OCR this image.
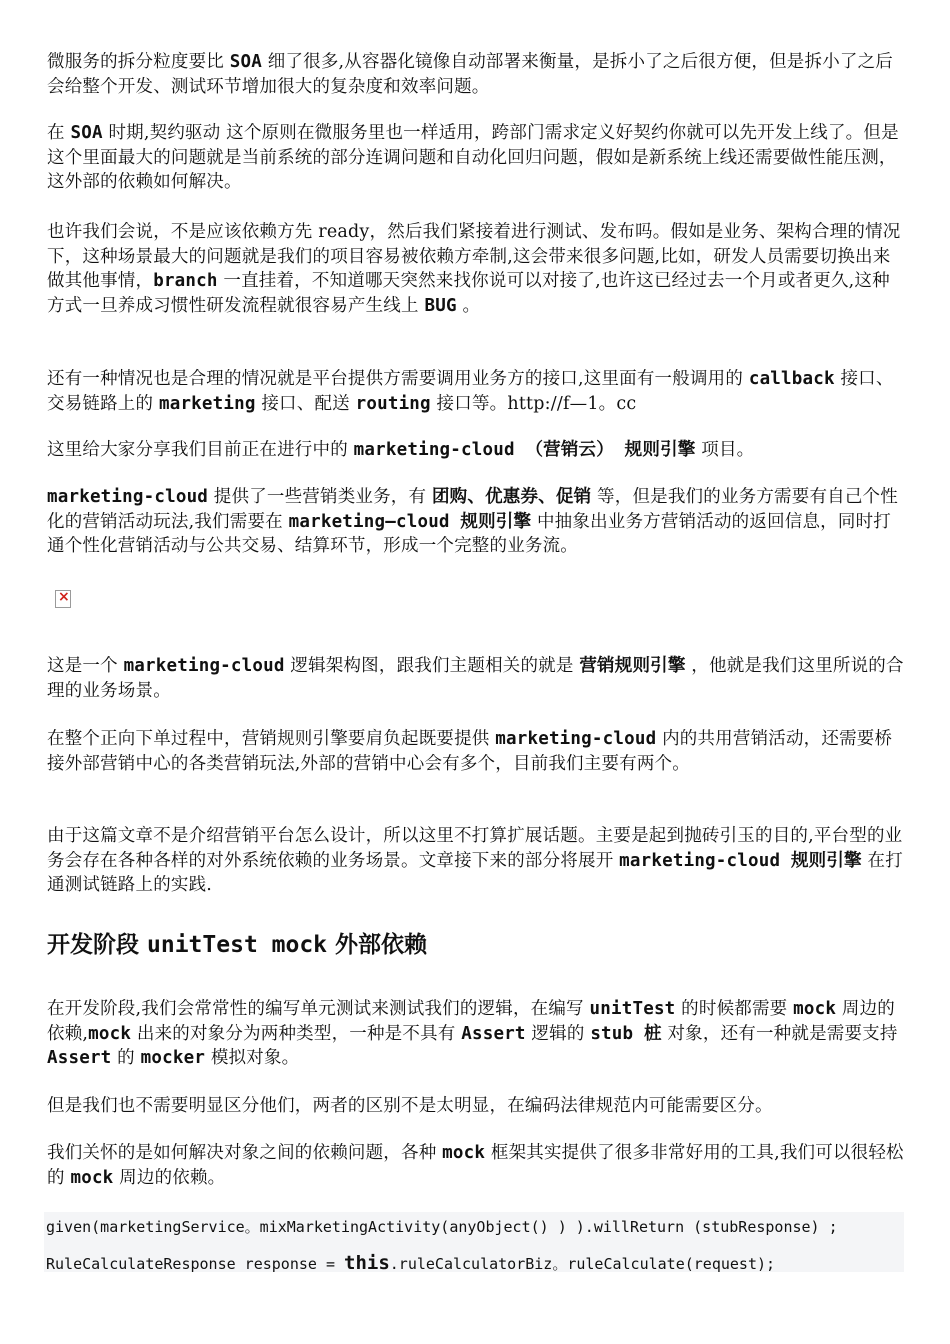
微服务的拆分粒度要比 SOA 细了很多,从容器化镜像自动部署来衡量，是拆小了之后很方便，但是拆小了之后会给整个开发、测试环节增加很大的复杂度和效率问题。

在 SOA 时期,契约驱动 这个原则在微服务里也一样适用，跨部门需求定义好契约你就可以先开发上线了。但是这个里面最大的问题就是当前系统的部分连调问题和自动化回归问题，假如是新系统上线还需要做性能压测，这外部的依赖如何解决。

也许我们会说，不是应该依赖方先 ready，然后我们紧接着进行测试、发布吗。假如是业务、架构合理的情况下，这种场景最大的问题就是我们的项目容易被依赖方牵制,这会带来很多问题,比如，研发人员需要切换出来做其他事情，branch 一直挂着，不知道哪天突然来找你说可以对接了,也许这已经过去一个月或者更久,这种方式一旦养成习惯性研发流程就很容易产生线上 BUG 。

还有一种情况也是合理的情况就是平台提供方需要调用业务方的接口,这里面有一般调用的 callback 接口、交易链路上的 marketing 接口、配送 routing 接口等。http://f—1。cc

这里给大家分享我们目前正在进行中的 marketing-cloud （营销云） 规则引擎 项目。

marketing-cloud 提供了一些营销类业务，有 团购、优惠券、促销 等，但是我们的业务方需要有自己个性化的营销活动玩法,我们需要在 marketing—cloud 规则引擎 中抽象出业务方营销活动的返回信息，同时打通个性化营销活动与公共交易、结算环节，形成一个完整的业务流。

×

这是一个 marketing-cloud 逻辑架构图，跟我们主题相关的就是 营销规则引擎 ，他就是我们这里所说的合理的业务场景。

在整个正向下单过程中，营销规则引擎要肩负起既要提供 marketing-cloud 内的共用营销活动，还需要桥接外部营销中心的各类营销玩法,外部的营销中心会有多个，目前我们主要有两个。

由于这篇文章不是介绍营销平台怎么设计，所以这里不打算扩展话题。主要是起到抛砖引玉的目的,平台型的业务会存在各种各样的对外系统依赖的业务场景。文章接下来的部分将展开 marketing-cloud 规则引擎 在打通测试链路上的实践.

开发阶段 unitTest mock 外部依赖

在开发阶段,我们会常常性的编写单元测试来测试我们的逻辑，在编写 unitTest 的时候都需要 mock 周边的依赖,mock 出来的对象分为两种类型，一种是不具有 Assert 逻辑的 stub 桩 对象，还有一种就是需要支持 Assert 的 mocker 模拟对象。

但是我们也不需要明显区分他们，两者的区别不是太明显，在编码法律规范内可能需要区分。

我们关怀的是如何解决对象之间的依赖问题，各种 mock 框架其实提供了很多非常好用的工具,我们可以很轻松的 mock 周边的依赖。

given(marketingService。mixMarketingActivity(anyObject() ) ).willReturn (stubResponse) ;
RuleCalculateResponse response = this.ruleCalculatorBiz。ruleCalculate(request);
